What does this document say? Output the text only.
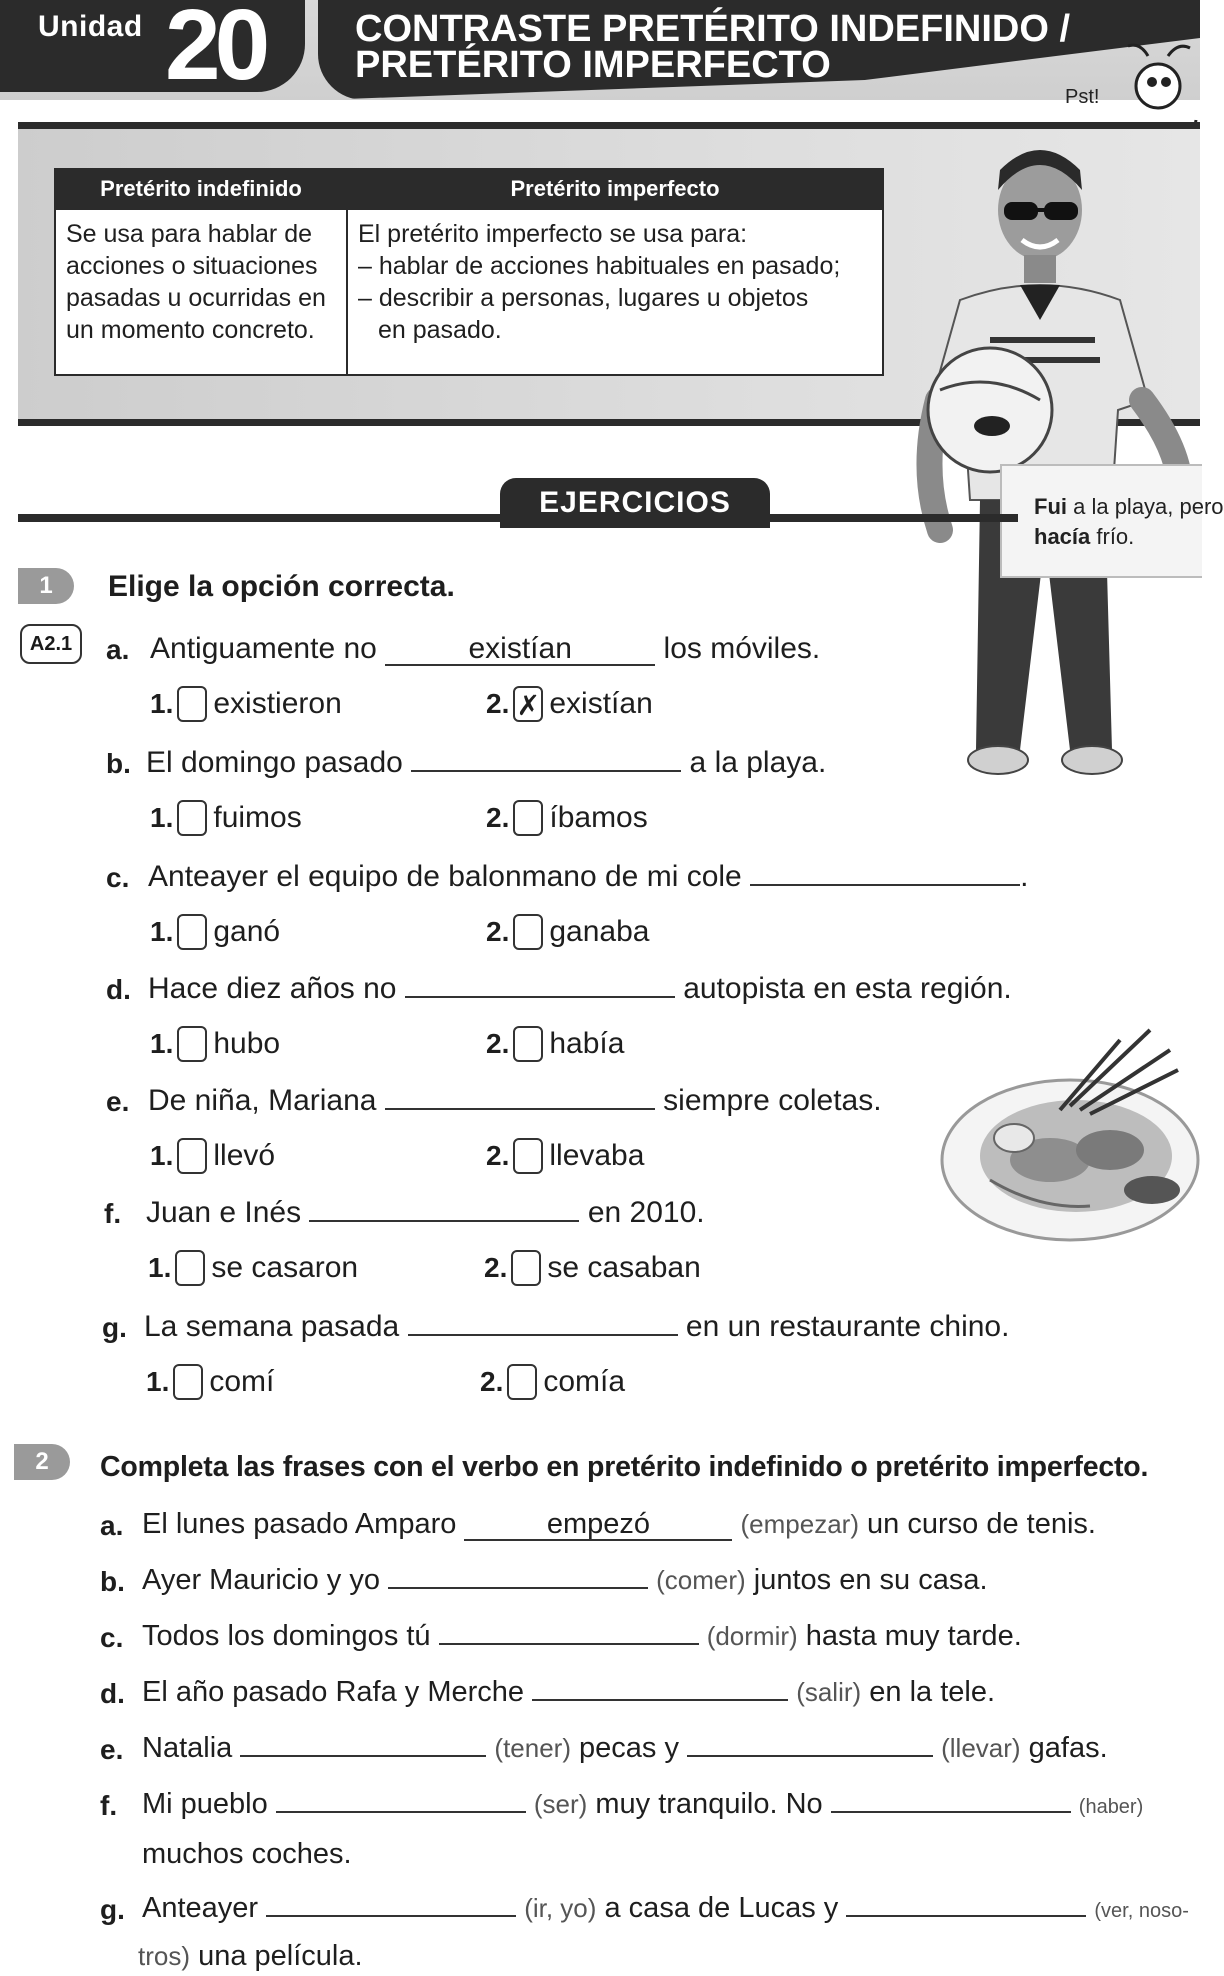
Unidad 20 CONTRASTE PRETÉRITO INDEFINIDO /
PRETÉRITO IMPERFECTO
Pst!
Pretérito indefinido	Pretérito imperfecto
Se usa para hablar de acciones o situaciones pasadas u ocurridas en un momento concreto.	El pretérito imperfecto se usa para:
– hablar de acciones habituales en pasado;
– describir a personas, lugares u objetos
en pasado.
Fui a la playa, pero
hacía frío.
EJERCICIOS
1	Elige la opción correcta.
A2.1	a. Antiguamente no	existían	los móviles.
1. existieron	2. ✗ existían
b. El domingo pasado	a la playa.
1. fuimos	2. íbamos
c. Anteayer el equipo de balonmano de mi cole	.
1. ganó	2. ganaba
d. Hace diez años no	autopista en esta región.
1. hubo	2. había
e. De niña, Mariana	siempre coletas.
1. llevó	2. llevaba
f. Juan e Inés	en 2010.
1. se casaron	2. se casaban
g. La semana pasada	en un restaurante chino.
1. comí	2. comía
2	Completa las frases con el verbo en pretérito indefinido o pretérito imperfecto.
a. El lunes pasado Amparo	empezó	(empezar) un curso de tenis.
b. Ayer Mauricio y yo	(comer) juntos en su casa.
c. Todos los domingos tú	(dormir) hasta muy tarde.
d. El año pasado Rafa y Merche	(salir) en la tele.
e. Natalia	(tener) pecas y	(llevar) gafas.
f. Mi pueblo	(ser) muy tranquilo. No	(haber)
muchos coches.
g. Anteayer	(ir, yo) a casa de Lucas y	(ver, noso-
tros) una película.
